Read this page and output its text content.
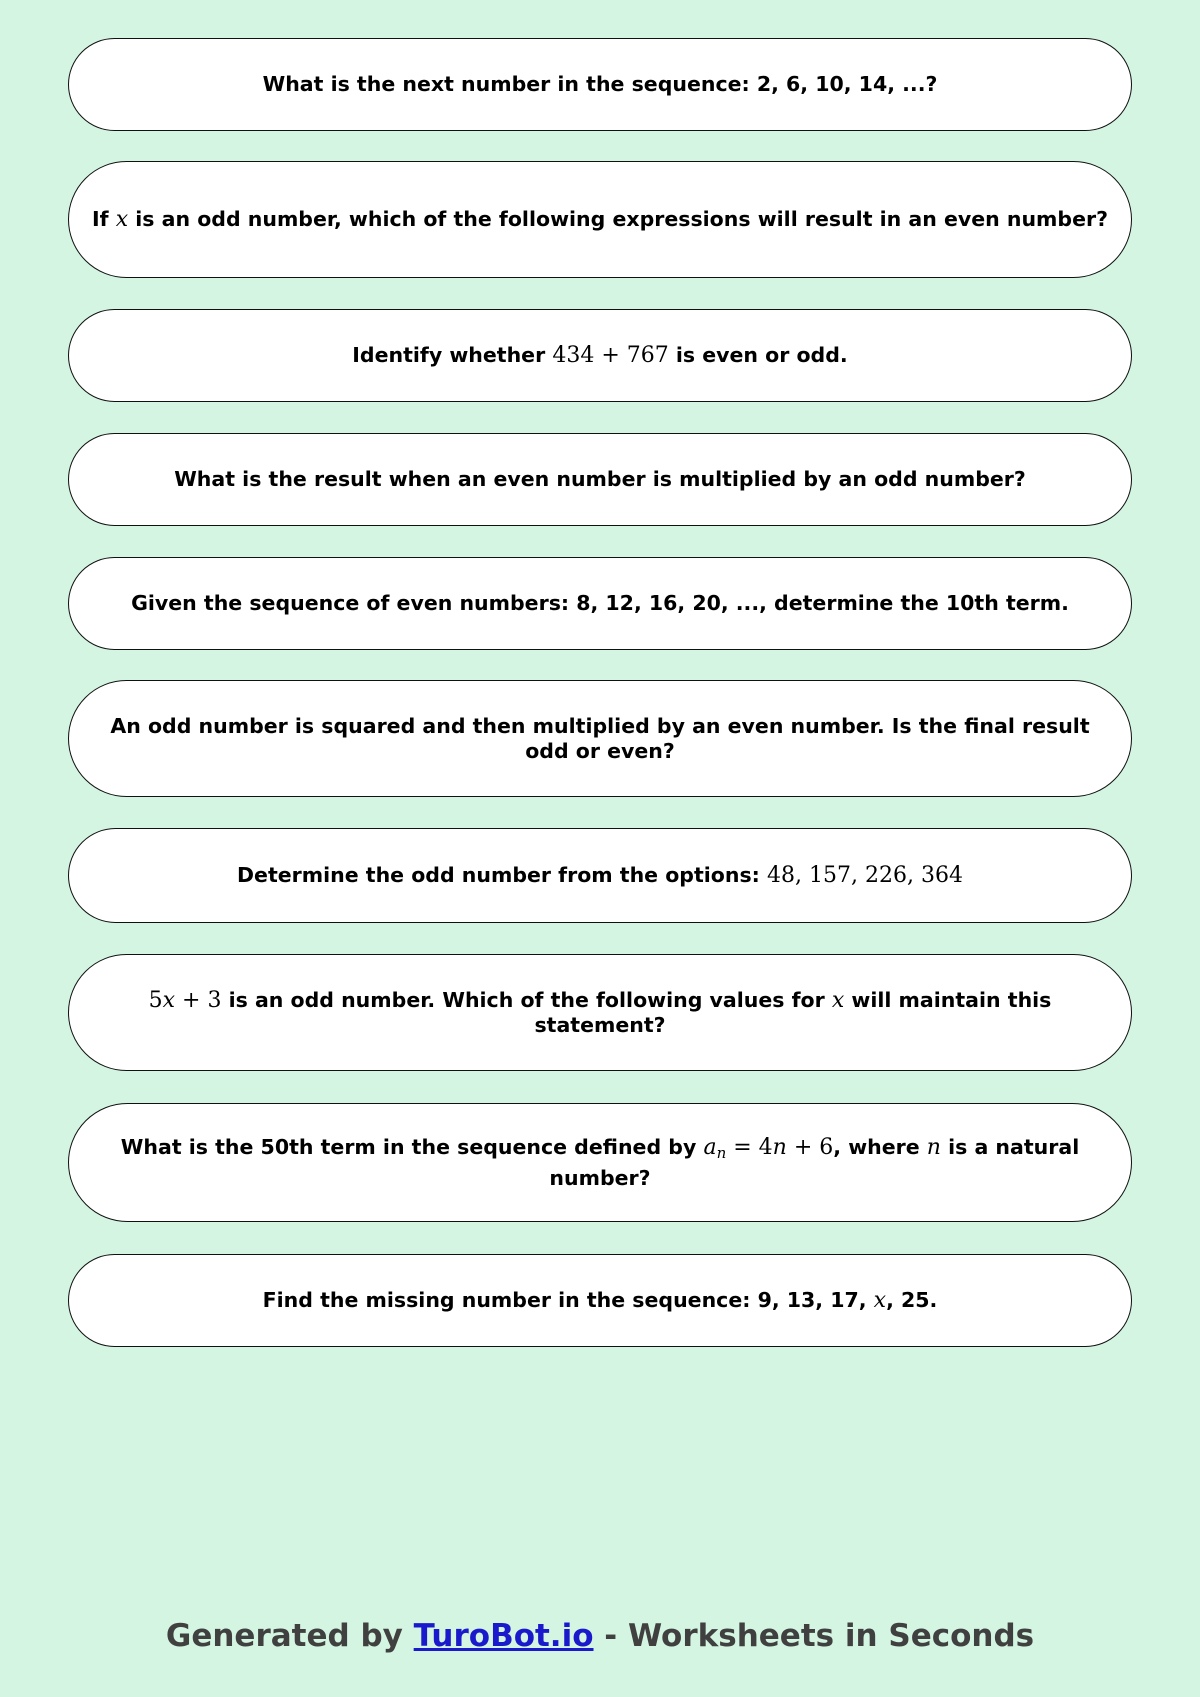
What is the next number in the sequence: 2, 6, 10, 14, ...?
If x is an odd number, which of the following expressions will result in an even number?
Identify whether 434 + 767 is even or odd.
What is the result when an even number is multiplied by an odd number?
Given the sequence of even numbers: 8, 12, 16, 20, ..., determine the 10th term.
An odd number is squared and then multiplied by an even number. Is the final result odd or even?
Determine the odd number from the options: 48, 157, 226, 364
5x + 3 is an odd number. Which of the following values for x will maintain this statement?
What is the 50th term in the sequence defined by $a_n = 4n + 6$, where n is a natural number?
Find the missing number in the sequence: 9, 13, 17, x, 25.
Generated by TuroBot.io - Worksheets in Seconds
